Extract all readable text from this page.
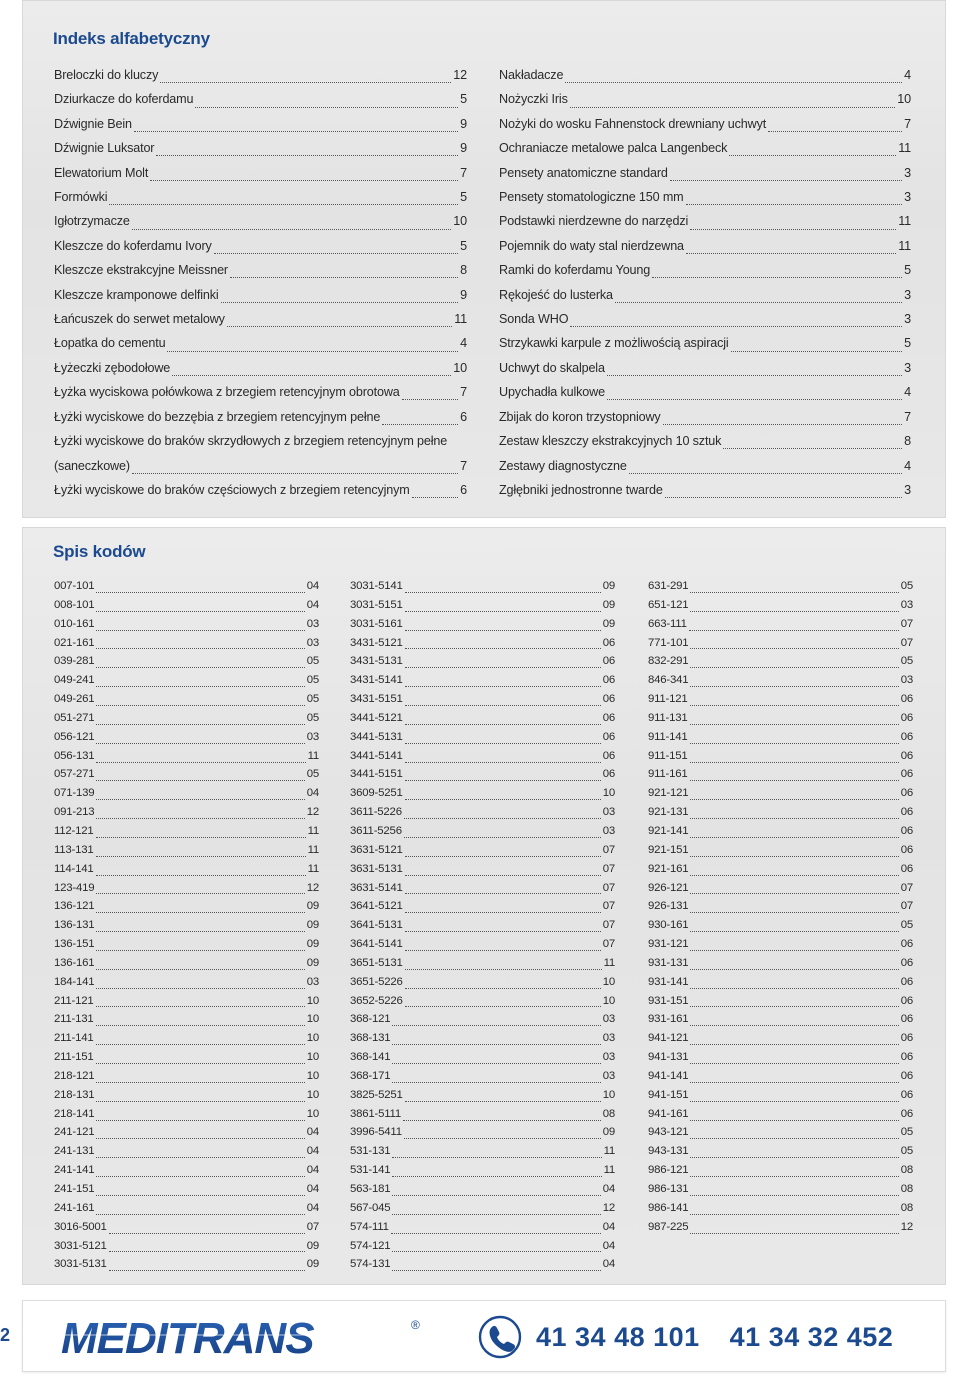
Indeks alfabetyczny
Breloczki do kluczy	12
Dziurkacze do koferdamu	5
Dźwignie Bein	9
Dźwignie Luksator	9
Elewatorium Molt	7
Formówki	5
Igłotrzymacze	10
Kleszcze do koferdamu Ivory	5
Kleszcze ekstrakcyjne Meissner	8
Kleszcze kramponowe delfinki	9
Łańcuszek do serwet metalowy	11
Łopatka do cementu	4
Łyżeczki zębodołowe	10
Łyżka wyciskowa połówkowa z brzegiem retencyjnym obrotowa	7
Łyżki wyciskowe do bezzębia z brzegiem retencyjnym pełne	6
Łyżki wyciskowe do braków skrzydłowych z brzegiem retencyjnym pełne
(saneczkowe)	7
Łyżki wyciskowe do braków częściowych z brzegiem retencyjnym	6
Nakładacze	4
Nożyczki Iris	10
Nożyki do wosku Fahnenstock drewniany uchwyt	7
Ochraniacze metalowe palca Langenbeck	11
Pensety anatomiczne standard	3
Pensety stomatologiczne 150 mm	3
Podstawki nierdzewne do narzędzi	11
Pojemnik do waty stal nierdzewna	11
Ramki do koferdamu Young	5
Rękojeść do lusterka	3
Sonda WHO	3
Strzykawki karpule z możliwością aspiracji	5
Uchwyt do skalpela	3
Upychadła kulkowe	4
Zbijak do koron trzystopniowy	7
Zestaw kleszczy ekstrakcyjnych 10 sztuk	8
Zestawy diagnostyczne	4
Zgłębniki jednostronne twarde	3
Spis kodów
007-101	04
008-101	04
010-161	03
021-161	03
039-281	05
049-241	05
049-261	05
051-271	05
056-121	03
056-131	11
057-271	05
071-139	04
091-213	12
112-121	11
113-131	11
114-141	11
123-419	12
136-121	09
136-131	09
136-151	09
136-161	09
184-141	03
211-121	10
211-131	10
211-141	10
211-151	10
218-121	10
218-131	10
218-141	10
241-121	04
241-131	04
241-141	04
241-151	04
241-161	04
3016-5001	07
3031-5121	09
3031-5131	09
3031-5141	09
3031-5151	09
3031-5161	09
3431-5121	06
3431-5131	06
3431-5141	06
3431-5151	06
3441-5121	06
3441-5131	06
3441-5141	06
3441-5151	06
3609-5251	10
3611-5226	03
3611-5256	03
3631-5121	07
3631-5131	07
3631-5141	07
3641-5121	07
3641-5131	07
3641-5141	07
3651-5131	11
3651-5226	10
3652-5226	10
368-121	03
368-131	03
368-141	03
368-171	03
3825-5251	10
3861-5111	08
3996-5411	09
531-131	11
531-141	11
563-181	04
567-045	12
574-111	04
574-121	04
574-131	04
631-291	05
651-121	03
663-111	07
771-101	07
832-291	05
846-341	03
911-121	06
911-131	06
911-141	06
911-151	06
911-161	06
921-121	06
921-131	06
921-141	06
921-151	06
921-161	06
926-121	07
926-131	07
930-161	05
931-121	06
931-131	06
931-141	06
931-151	06
931-161	06
941-121	06
941-131	06
941-141	06
941-151	06
941-161	06
943-121	05
943-131	05
986-121	08
986-131	08
986-141	08
987-225	12
2 MEDITRANS	®	41 34 48 101 41 34 32 452
